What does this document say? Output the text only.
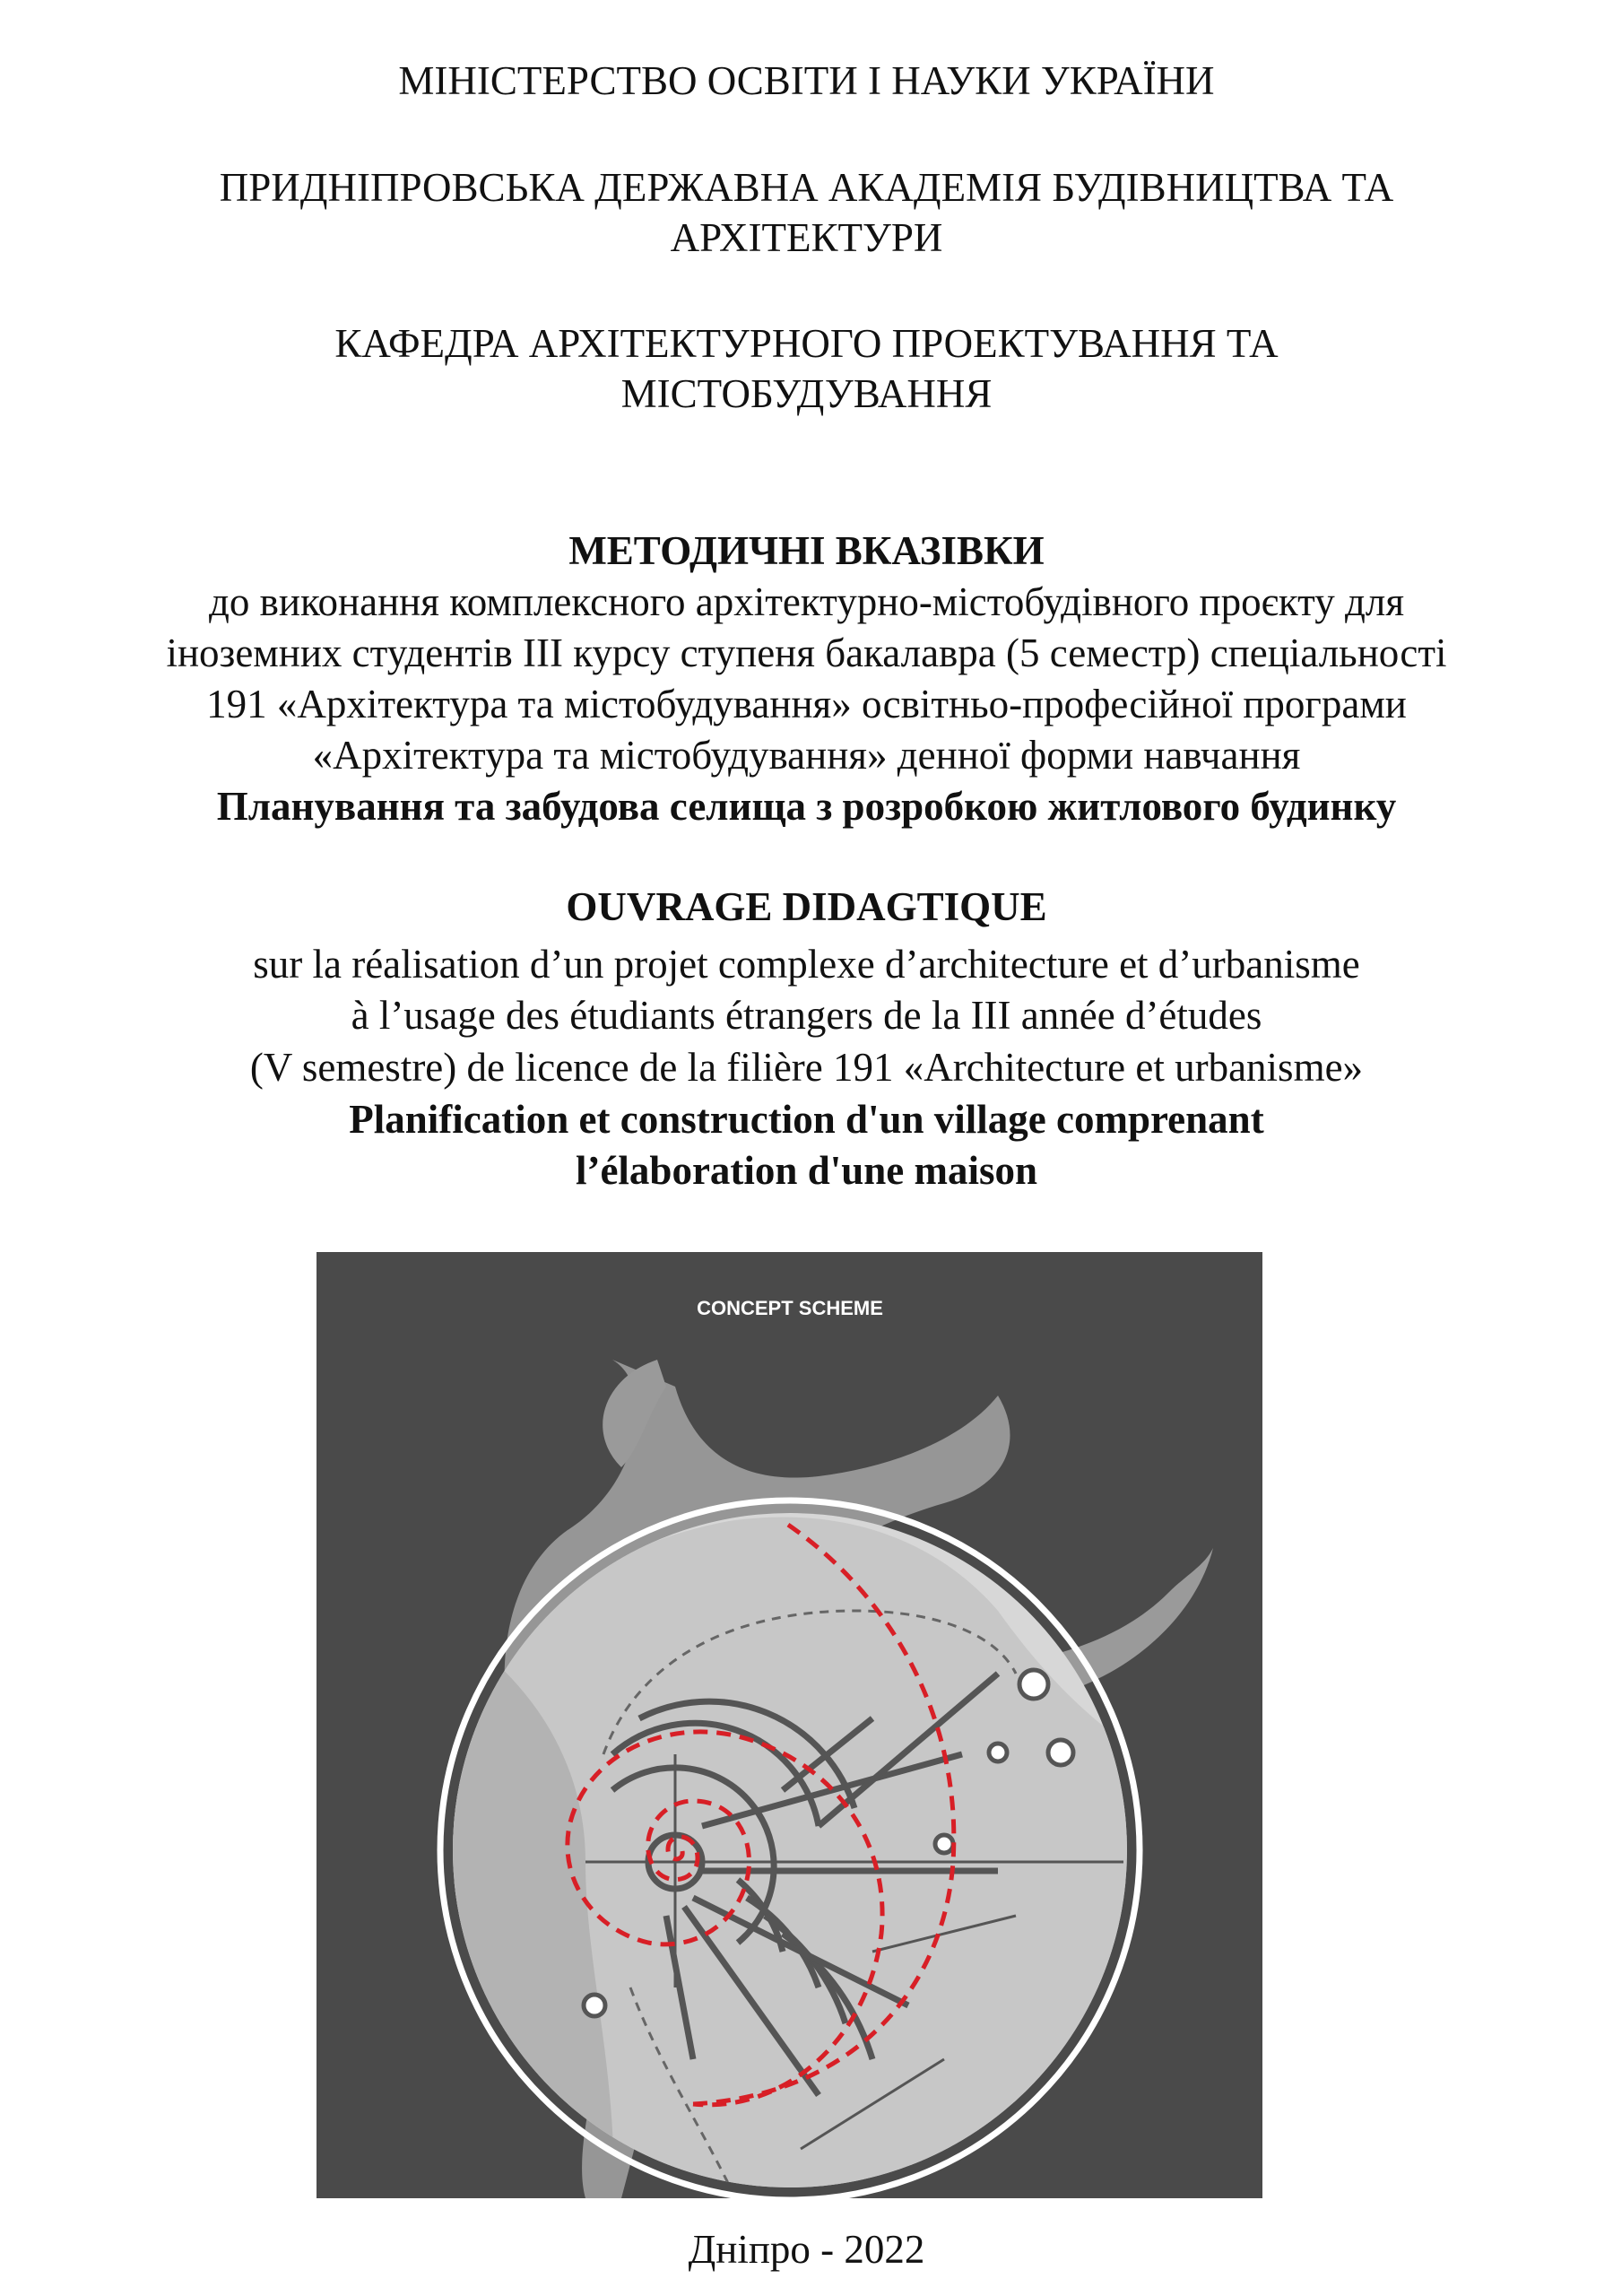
МІНІСТЕРСТВО ОСВІТИ І НАУКИ УКРАЇНИ
ПРИДНІПРОВСЬКА ДЕРЖАВНА АКАДЕМІЯ БУДІВНИЦТВА ТА
АРХІТЕКТУРИ
КАФЕДРА АРХІТЕКТУРНОГО ПРОЕКТУВАННЯ ТА
МІСТОБУДУВАННЯ
МЕТОДИЧНІ ВКАЗІВКИ
до виконання комплексного архітектурно-містобудівного проєкту для
іноземних студентів ІІІ курсу ступеня бакалавра (5 семестр) спеціальності
191 «Архітектура та містобудування» освітньо-професійної програми
«Архітектура та містобудування» денної форми навчання
Планування та забудова селища з розробкою житлового будинку
OUVRAGE DIDAGTIQUE
sur la réalisation d’un projet complexe d’architecture et d’urbanisme
à l’usage des étudiants étrangers de la III année d’études
(V semestre) de licence de la filière 191 «Architecture et urbanisme»
Planification et construction d'un village comprenant
l’élaboration d'une maison
CONCEPT SCHEME
Дніпро - 2022
